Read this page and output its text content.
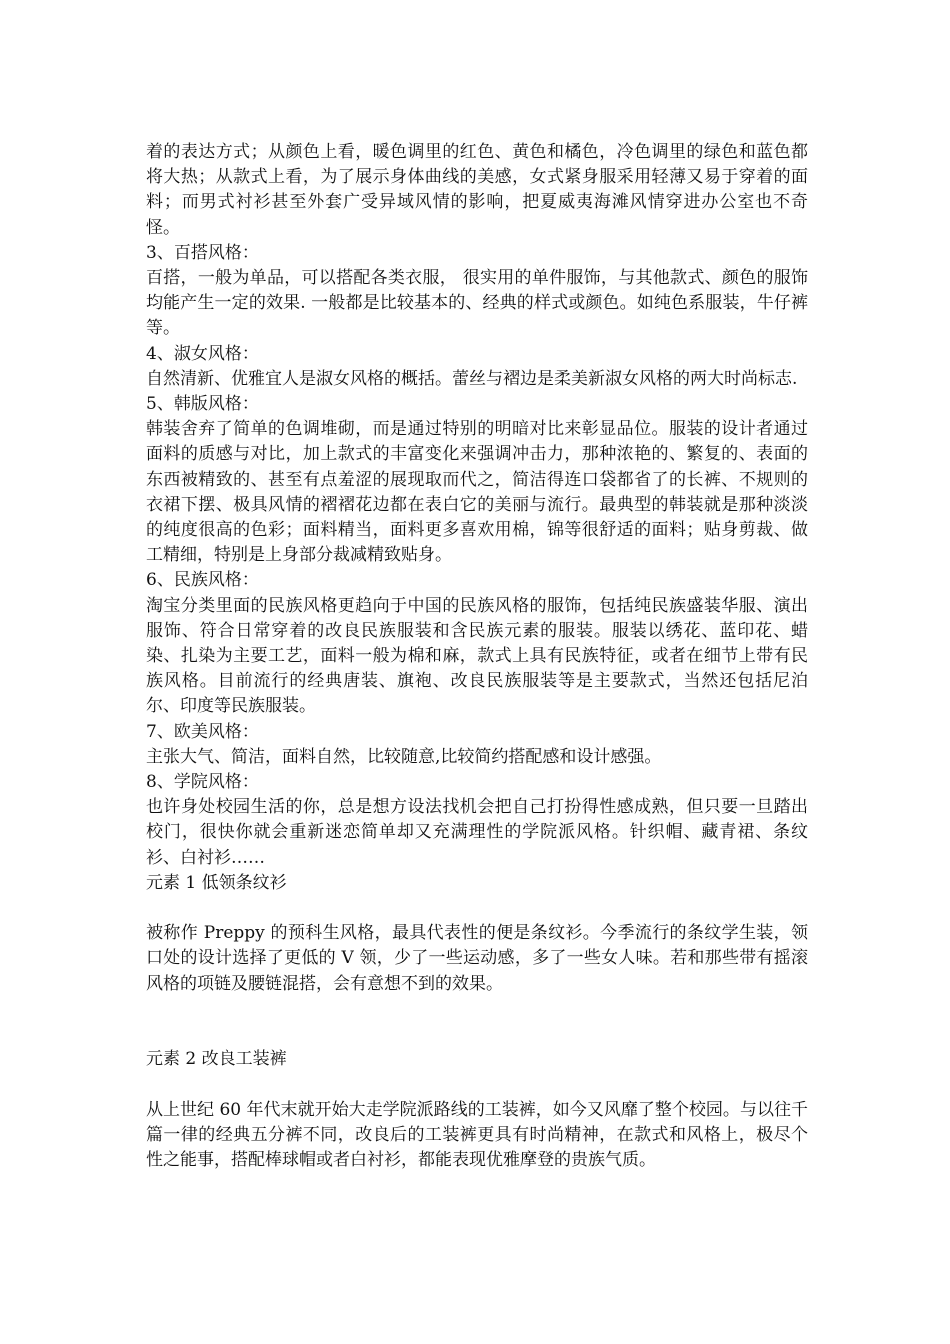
着的表达方式；从颜色上看，暖色调里的红色、黄色和橘色，冷色调里的绿色和蓝色都将大热；从款式上看，为了展示身体曲线的美感，女式紧身服采用轻薄又易于穿着的面料；而男式衬衫甚至外套广受异域风情的影响，把夏威夷海滩风情穿进办公室也不奇怪。

3、百搭风格：

百搭，一般为单品，可以搭配各类衣服， 很实用的单件服饰，与其他款式、颜色的服饰均能产生一定的效果. 一般都是比较基本的、经典的样式或颜色。如纯色系服装，牛仔裤等。

4、淑女风格：

自然清新、优雅宜人是淑女风格的概括。蕾丝与褶边是柔美新淑女风格的两大时尚标志.

5、韩版风格：

韩装舍弃了简单的色调堆砌，而是通过特别的明暗对比来彰显品位。服装的设计者通过面料的质感与对比，加上款式的丰富变化来强调冲击力，那种浓艳的、繁复的、表面的东西被精致的、甚至有点羞涩的展现取而代之，简洁得连口袋都省了的长裤、不规则的衣裙下摆、极具风情的褶褶花边都在表白它的美丽与流行。最典型的韩装就是那种淡淡的纯度很高的色彩；面料精当，面料更多喜欢用棉，锦等很舒适的面料；贴身剪裁、做工精细，特别是上身部分裁减精致贴身。

6、民族风格：

淘宝分类里面的民族风格更趋向于中国的民族风格的服饰，包括纯民族盛装华服、演出服饰、符合日常穿着的改良民族服装和含民族元素的服装。服装以绣花、蓝印花、蜡染、扎染为主要工艺，面料一般为棉和麻，款式上具有民族特征，或者在细节上带有民族风格。目前流行的经典唐装、旗袍、改良民族服装等是主要款式，当然还包括尼泊尔、印度等民族服装。

7、欧美风格：

主张大气、简洁，面料自然，比较随意,比较简约搭配感和设计感强。

8、学院风格：

也许身处校园生活的你，总是想方设法找机会把自己打扮得性感成熟，但只要一旦踏出校门，很快你就会重新迷恋简单却又充满理性的学院派风格。针织帽、藏青裙、条纹衫、白衬衫……

元素 1 低领条纹衫

被称作 Preppy 的预科生风格，最具代表性的便是条纹衫。今季流行的条纹学生装，领口处的设计选择了更低的 V 领，少了一些运动感，多了一些女人味。若和那些带有摇滚风格的项链及腰链混搭，会有意想不到的效果。

元素 2 改良工装裤

从上世纪 60 年代末就开始大走学院派路线的工装裤，如今又风靡了整个校园。与以往千篇一律的经典五分裤不同，改良后的工装裤更具有时尚精神，在款式和风格上，极尽个性之能事，搭配棒球帽或者白衬衫，都能表现优雅摩登的贵族气质。
